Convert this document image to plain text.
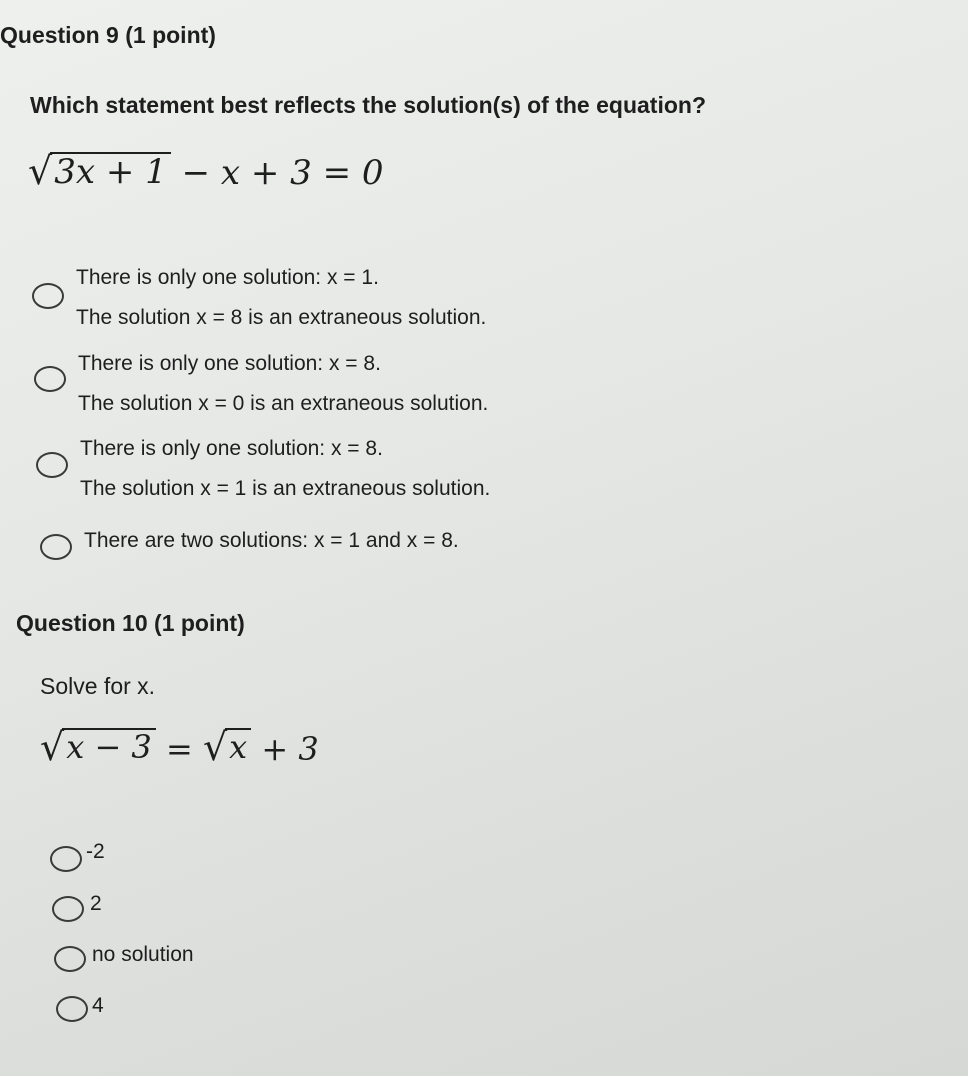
Question 9 (1 point)
Which statement best reflects the solution(s) of the equation?
√ 3x + 1 − x + 3 = 0
There is only one solution: x = 1.
The solution x = 8 is an extraneous solution.
There is only one solution: x = 8.
The solution x = 0 is an extraneous solution.
There is only one solution: x = 8.
The solution x = 1 is an extraneous solution.
There are two solutions: x = 1 and x = 8.
Question 10 (1 point)
Solve for x.
√ x − 3 = √ x + 3
-2
2
no solution
4
